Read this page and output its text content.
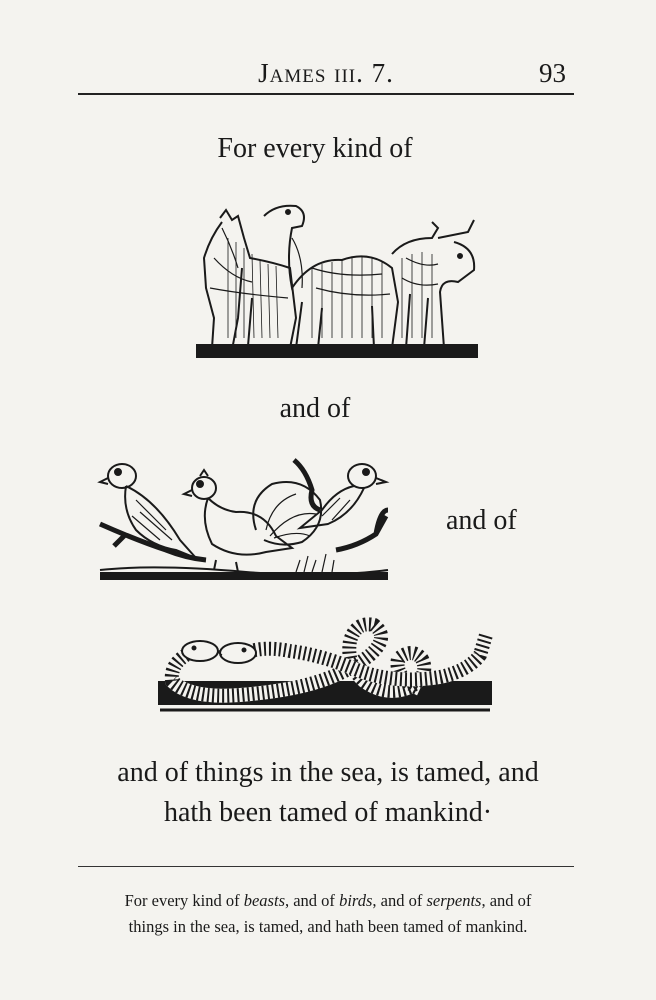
James iii. 7.	93
For every kind of
and of
and of
and of things in the sea, is tamed, and
hath been tamed of mankind·
For every kind of beasts, and of birds, and of serpents, and of
things in the sea, is tamed, and hath been tamed of mankind.
